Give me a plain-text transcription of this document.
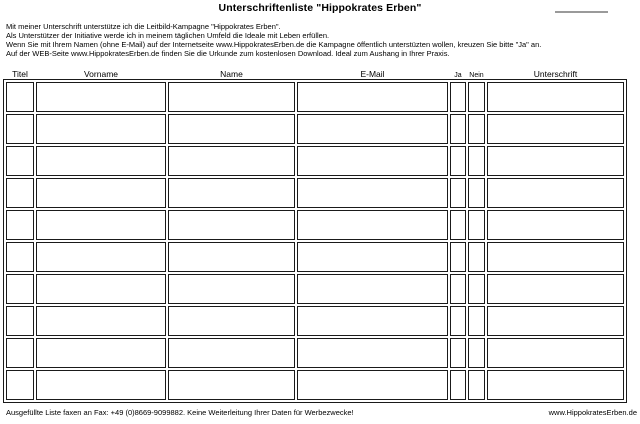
Unterschriftenliste "Hippokrates Erben"
Mit meiner Unterschrift unterstütze ich die Leitbild-Kampagne "Hippokrates Erben".
Als Unterstützer der Initiative werde ich in meinem täglichen Umfeld die Ideale mit Leben erfüllen.
Wenn Sie mit Ihrem Namen (ohne E-Mail) auf der Internetseite www.HippokratesErben.de die Kampagne öffentlich unterstüzten wollen, kreuzen Sie bitte "Ja" an.
Auf der WEB-Seite www.HippokratesErben.de finden Sie die Urkunde zum kostenlosen Download. Ideal zum Aushang in Ihrer Praxis.
Titel	Vorname	Name	E-Mail	Ja	Nein	Unterschrift

Ausgefüllte Liste faxen an Fax: +49 (0)8669-9099882. Keine Weiterleitung Ihrer Daten für Werbezwecke!	www.HippokratesErben.de
